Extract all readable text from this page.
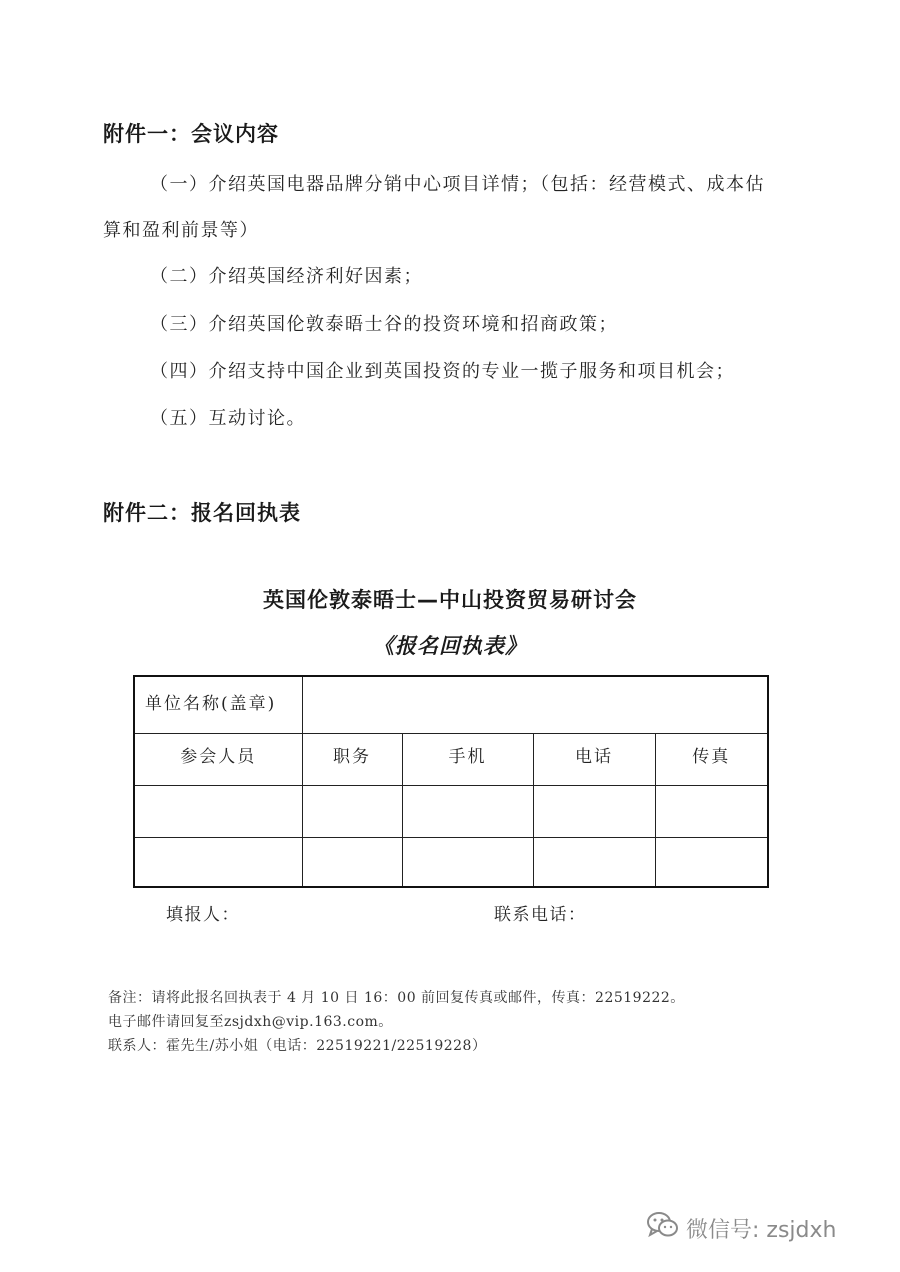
附件一：会议内容
（一）介绍英国电器品牌分销中心项目详情；（包括：经营模式、成本估
算和盈利前景等）
（二）介绍英国经济利好因素；
（三）介绍英国伦敦泰晤士谷的投资环境和招商政策；
（四）介绍支持中国企业到英国投资的专业一揽子服务和项目机会；
（五）互动讨论。
附件二：报名回执表
英国伦敦泰晤士—中山投资贸易研讨会
《报名回执表》
单位名称(盖章)				
参会人员	职务	手机	电话	传真

填报人：	联系电话：
备注：请将此报名回执表于 4 月 10 日 16：00 前回复传真或邮件，传真：22519222。
电子邮件请回复至zsjdxh@vip.163.com。
联系人：霍先生/苏小姐（电话：22519221/22519228）
微信号: zsjdxh
